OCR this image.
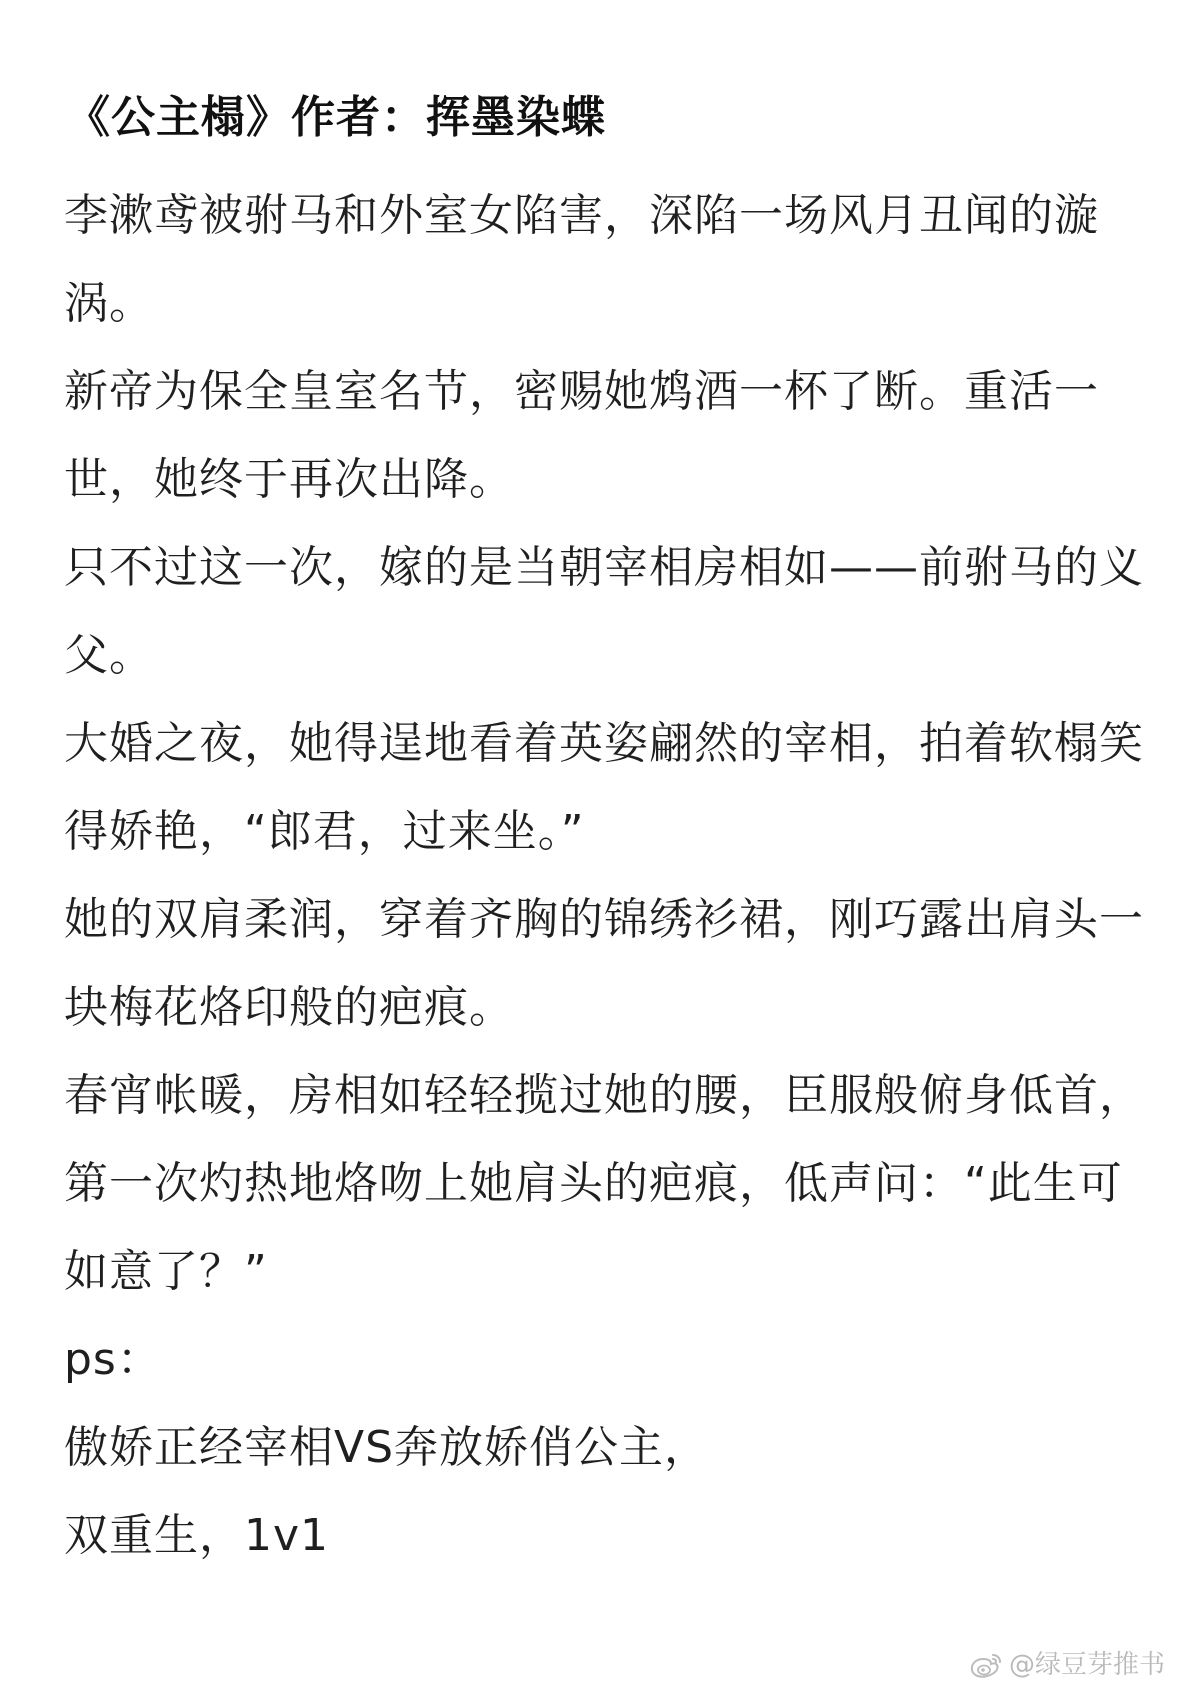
《公主榻》作者：挥墨染蝶

李漱鸢被驸马和外室女陷害，深陷一场风月丑闻的漩涡。

新帝为保全皇室名节，密赐她鸩酒一杯了断。重活一世，她终于再次出降。

只不过这一次，嫁的是当朝宰相房相如——前驸马的义父。

大婚之夜，她得逞地看着英姿翩然的宰相，拍着软榻笑得娇艳，“郎君，过来坐。”

她的双肩柔润，穿着齐胸的锦绣衫裙，刚巧露出肩头一块梅花烙印般的疤痕。

春宵帐暖，房相如轻轻揽过她的腰，臣服般俯身低首，第一次灼热地烙吻上她肩头的疤痕，低声问：“此生可如意了？”

ps：

傲娇正经宰相VS奔放娇俏公主，

双重生，1v1

@绿豆芽推书
